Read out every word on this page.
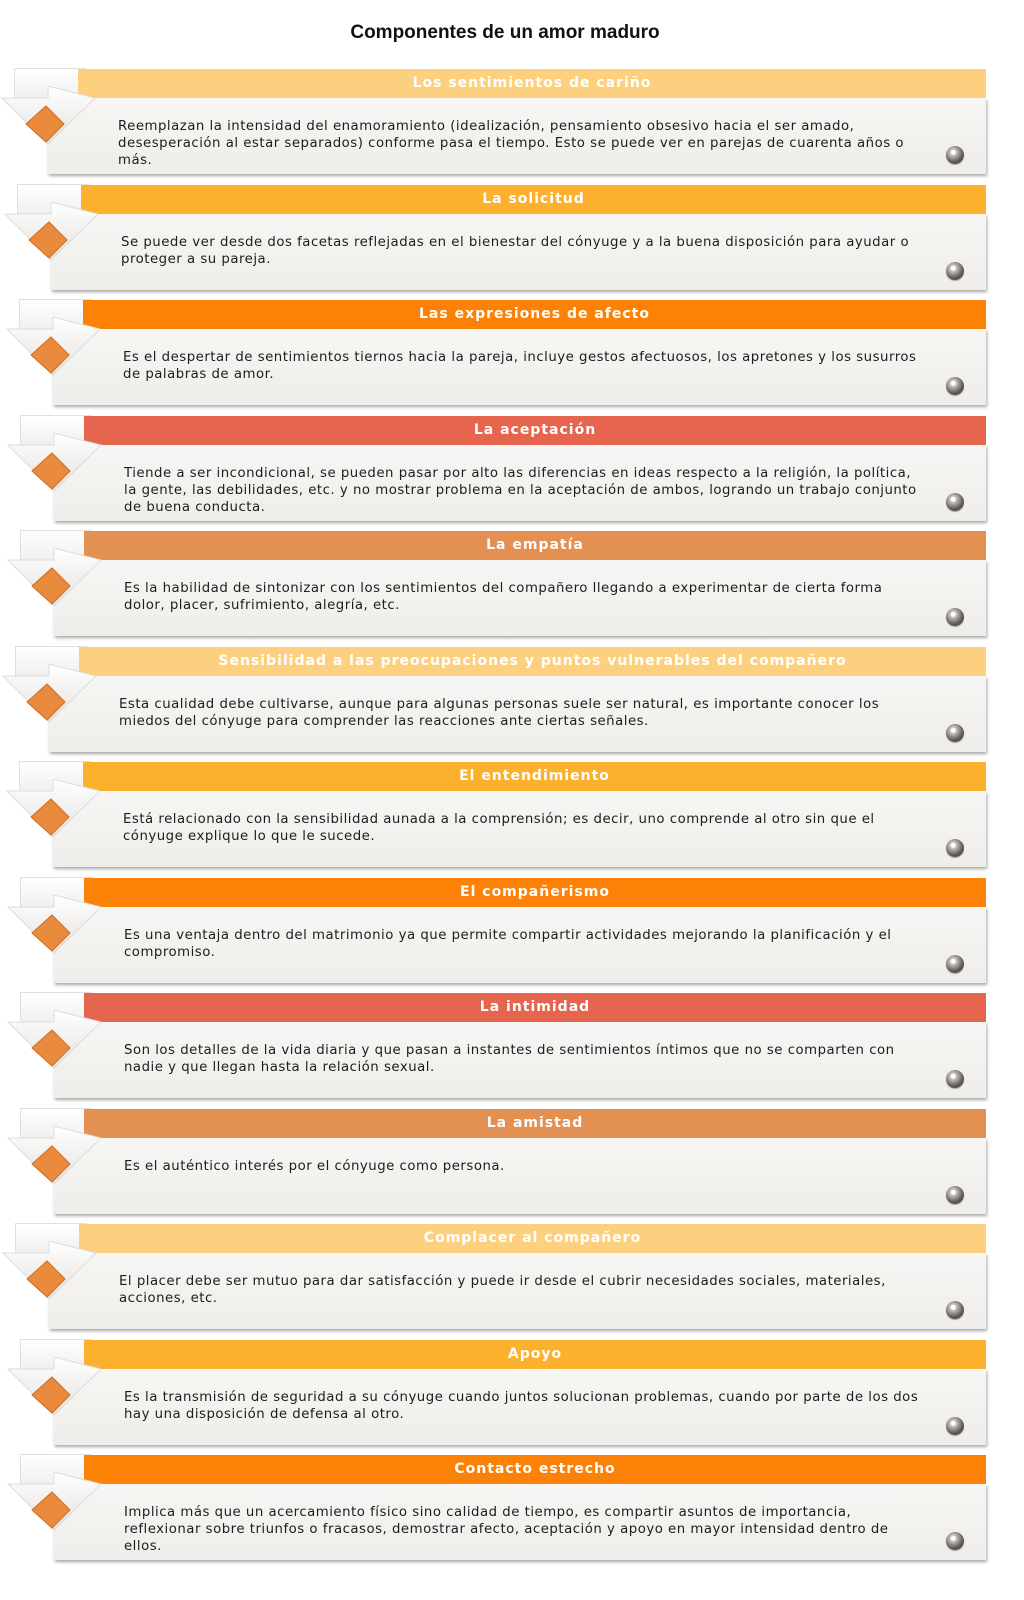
Componentes de un amor maduro
Reemplazan la intensidad del enamoramiento (idealización, pensamiento obsesivo hacia el ser amado, desesperación al estar separados) conforme pasa el tiempo. Esto se puede ver en parejas de cuarenta años o más.
Los sentimientos de cariño
Se puede ver desde dos facetas reflejadas en el bienestar del cónyuge y a la buena disposición para ayudar o proteger a su pareja.
La solicitud
Es el despertar de sentimientos tiernos hacia la pareja, incluye gestos afectuosos, los apretones y los susurros de palabras de amor.
Las expresiones de afecto
Tiende a ser incondicional, se pueden pasar por alto las diferencias en ideas respecto a la religión, la política, la gente, las debilidades, etc. y no mostrar problema en la aceptación de ambos, logrando un trabajo conjunto de buena conducta.
La aceptación
Es la habilidad de sintonizar con los sentimientos del compañero llegando a experimentar de cierta forma dolor, placer, sufrimiento, alegría, etc.
La empatía
Esta cualidad debe cultivarse, aunque para algunas personas suele ser natural, es importante conocer los miedos del cónyuge para comprender las reacciones ante ciertas señales.
Sensibilidad a las preocupaciones y puntos vulnerables del compañero
Está relacionado con la sensibilidad aunada a la comprensión; es decir, uno comprende al otro sin que el cónyuge explique lo que le sucede.
El entendimiento
Es una ventaja dentro del matrimonio ya que permite compartir actividades mejorando la planificación y el compromiso.
El compañerismo
Son los detalles de la vida diaria y que pasan a instantes de sentimientos íntimos que no se comparten con nadie y que llegan hasta la relación sexual.
La intimidad
Es el auténtico interés por el cónyuge como persona.
La amistad
El placer debe ser mutuo para dar satisfacción y puede ir desde el cubrir necesidades sociales, materiales, acciones, etc.
Complacer al compañero
Es la transmisión de seguridad a su cónyuge cuando juntos solucionan problemas, cuando por parte de los dos hay una disposición de defensa al otro.
Apoyo
Implica más que un acercamiento físico sino calidad de tiempo, es compartir asuntos de importancia, reflexionar sobre triunfos o fracasos, demostrar afecto, aceptación y apoyo en mayor intensidad dentro de ellos.
Contacto estrecho
